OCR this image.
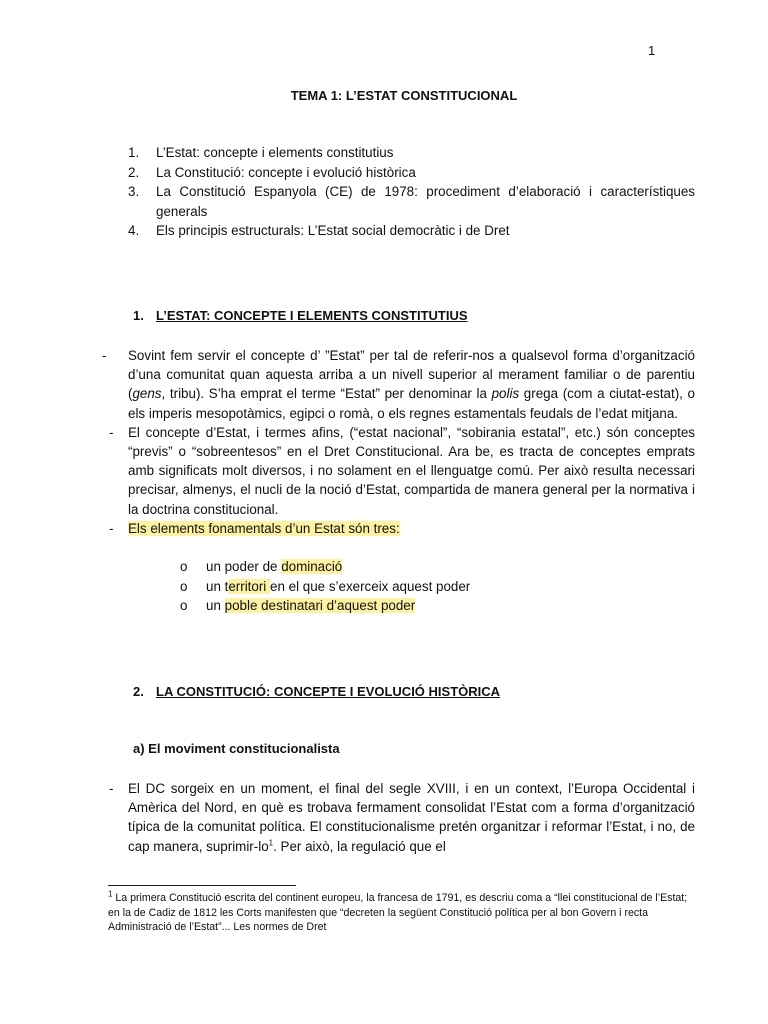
1
TEMA 1: L’ESTAT CONSTITUCIONAL
1.	L’Estat: concepte i elements constitutius
2.	La Constitució: concepte i evolució històrica
3.	La Constitució Espanyola (CE) de 1978: procediment d’elaboració i característiques generals
4.	Els principis estructurals: L’Estat social democràtic i de Dret
1. L’ESTAT: CONCEPTE I ELEMENTS CONSTITUTIUS
-	Sovint fem servir el concepte d’ ”Estat” per tal de referir-nos a qualsevol forma d’organització d’una comunitat quan aquesta arriba a un nivell superior al merament familiar o de parentiu (gens, tribu). S’ha emprat el terme “Estat” per denominar la polis grega (com a ciutat-estat), o els imperis mesopotàmics, egipci o romà, o els regnes estamentals feudals de l’edat mitjana.
-	El concepte d’Estat, i termes afins, (“estat nacional”, “sobirania estatal”, etc.) són conceptes “previs” o “sobreentesos” en el Dret Constitucional. Ara be, es tracta de conceptes emprats amb significats molt diversos, i no solament en el llenguatge comú. Per això resulta necessari precisar, almenys, el nucli de la noció d’Estat, compartida de manera general per la normativa i la doctrina constitucional.
-	Els elements fonamentals d’un Estat són tres:
o	un poder de dominació
o	un territori en el que s’exerceix aquest poder
o	un poble destinatari d’aquest poder
2. LA CONSTITUCIÓ: CONCEPTE I EVOLUCIÓ HISTÒRICA
a) El moviment constitucionalista
-	El DC sorgeix en un moment, el final del segle XVIII, i en un context, l’Europa Occidental i Amèrica del Nord, en què es trobava fermament consolidat l’Estat com a forma d’organització típica de la comunitat política. El constitucionalisme pretén organitzar i reformar l’Estat, i no, de cap manera, suprimir-$lo^1$. Per això, la regulació que el
$^1$ La primera Constitució escrita del continent europeu, la francesa de 1791, es descriu coma a “llei constitucional de l’Estat; en la de Cadiz de 1812 les Corts manifesten que “decreten la següent Constitució política per al bon Govern i recta Administració de l’Estat”... Les normes de Dret
